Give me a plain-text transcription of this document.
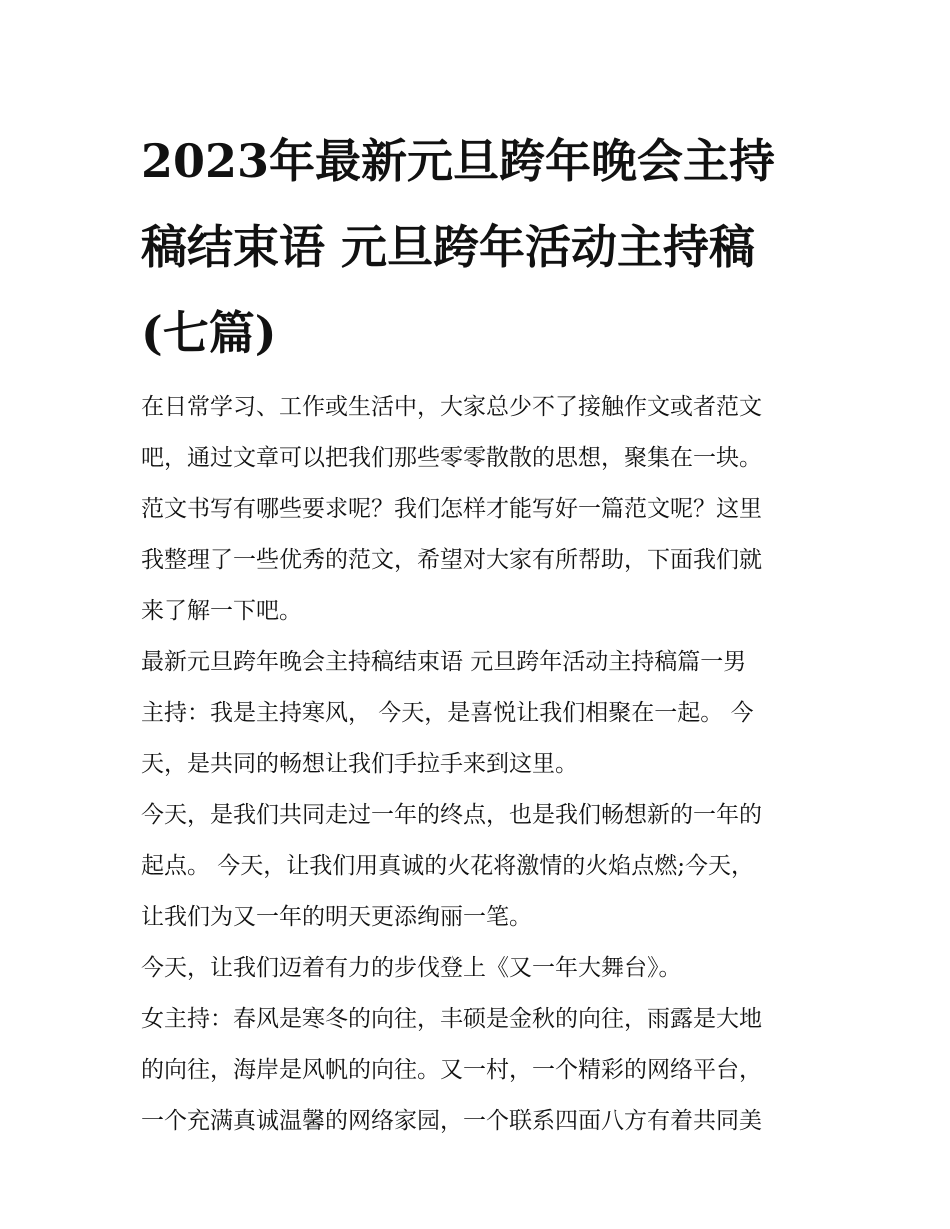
2023年最新元旦跨年晚会主持
稿结束语 元旦跨年活动主持稿
(七篇)

在日常学习、工作或生活中，大家总少不了接触作文或者范文
吧，通过文章可以把我们那些零零散散的思想，聚集在一块。
范文书写有哪些要求呢？我们怎样才能写好一篇范文呢？这里
我整理了一些优秀的范文，希望对大家有所帮助，下面我们就
来了解一下吧。

最新元旦跨年晚会主持稿结束语 元旦跨年活动主持稿篇一男
主持：我是主持寒风， 今天，是喜悦让我们相聚在一起。 今
天，是共同的畅想让我们手拉手来到这里。

今天，是我们共同走过一年的终点，也是我们畅想新的一年的
起点。 今天，让我们用真诚的火花将激情的火焰点燃;今天，
让我们为又一年的明天更添绚丽一笔。

今天，让我们迈着有力的步伐登上《又一年大舞台》。

女主持：春风是寒冬的向往，丰硕是金秋的向往，雨露是大地
的向往，海岸是风帆的向往。又一村，一个精彩的网络平台，
一个充满真诚温馨的网络家园，一个联系四面八方有着共同美
